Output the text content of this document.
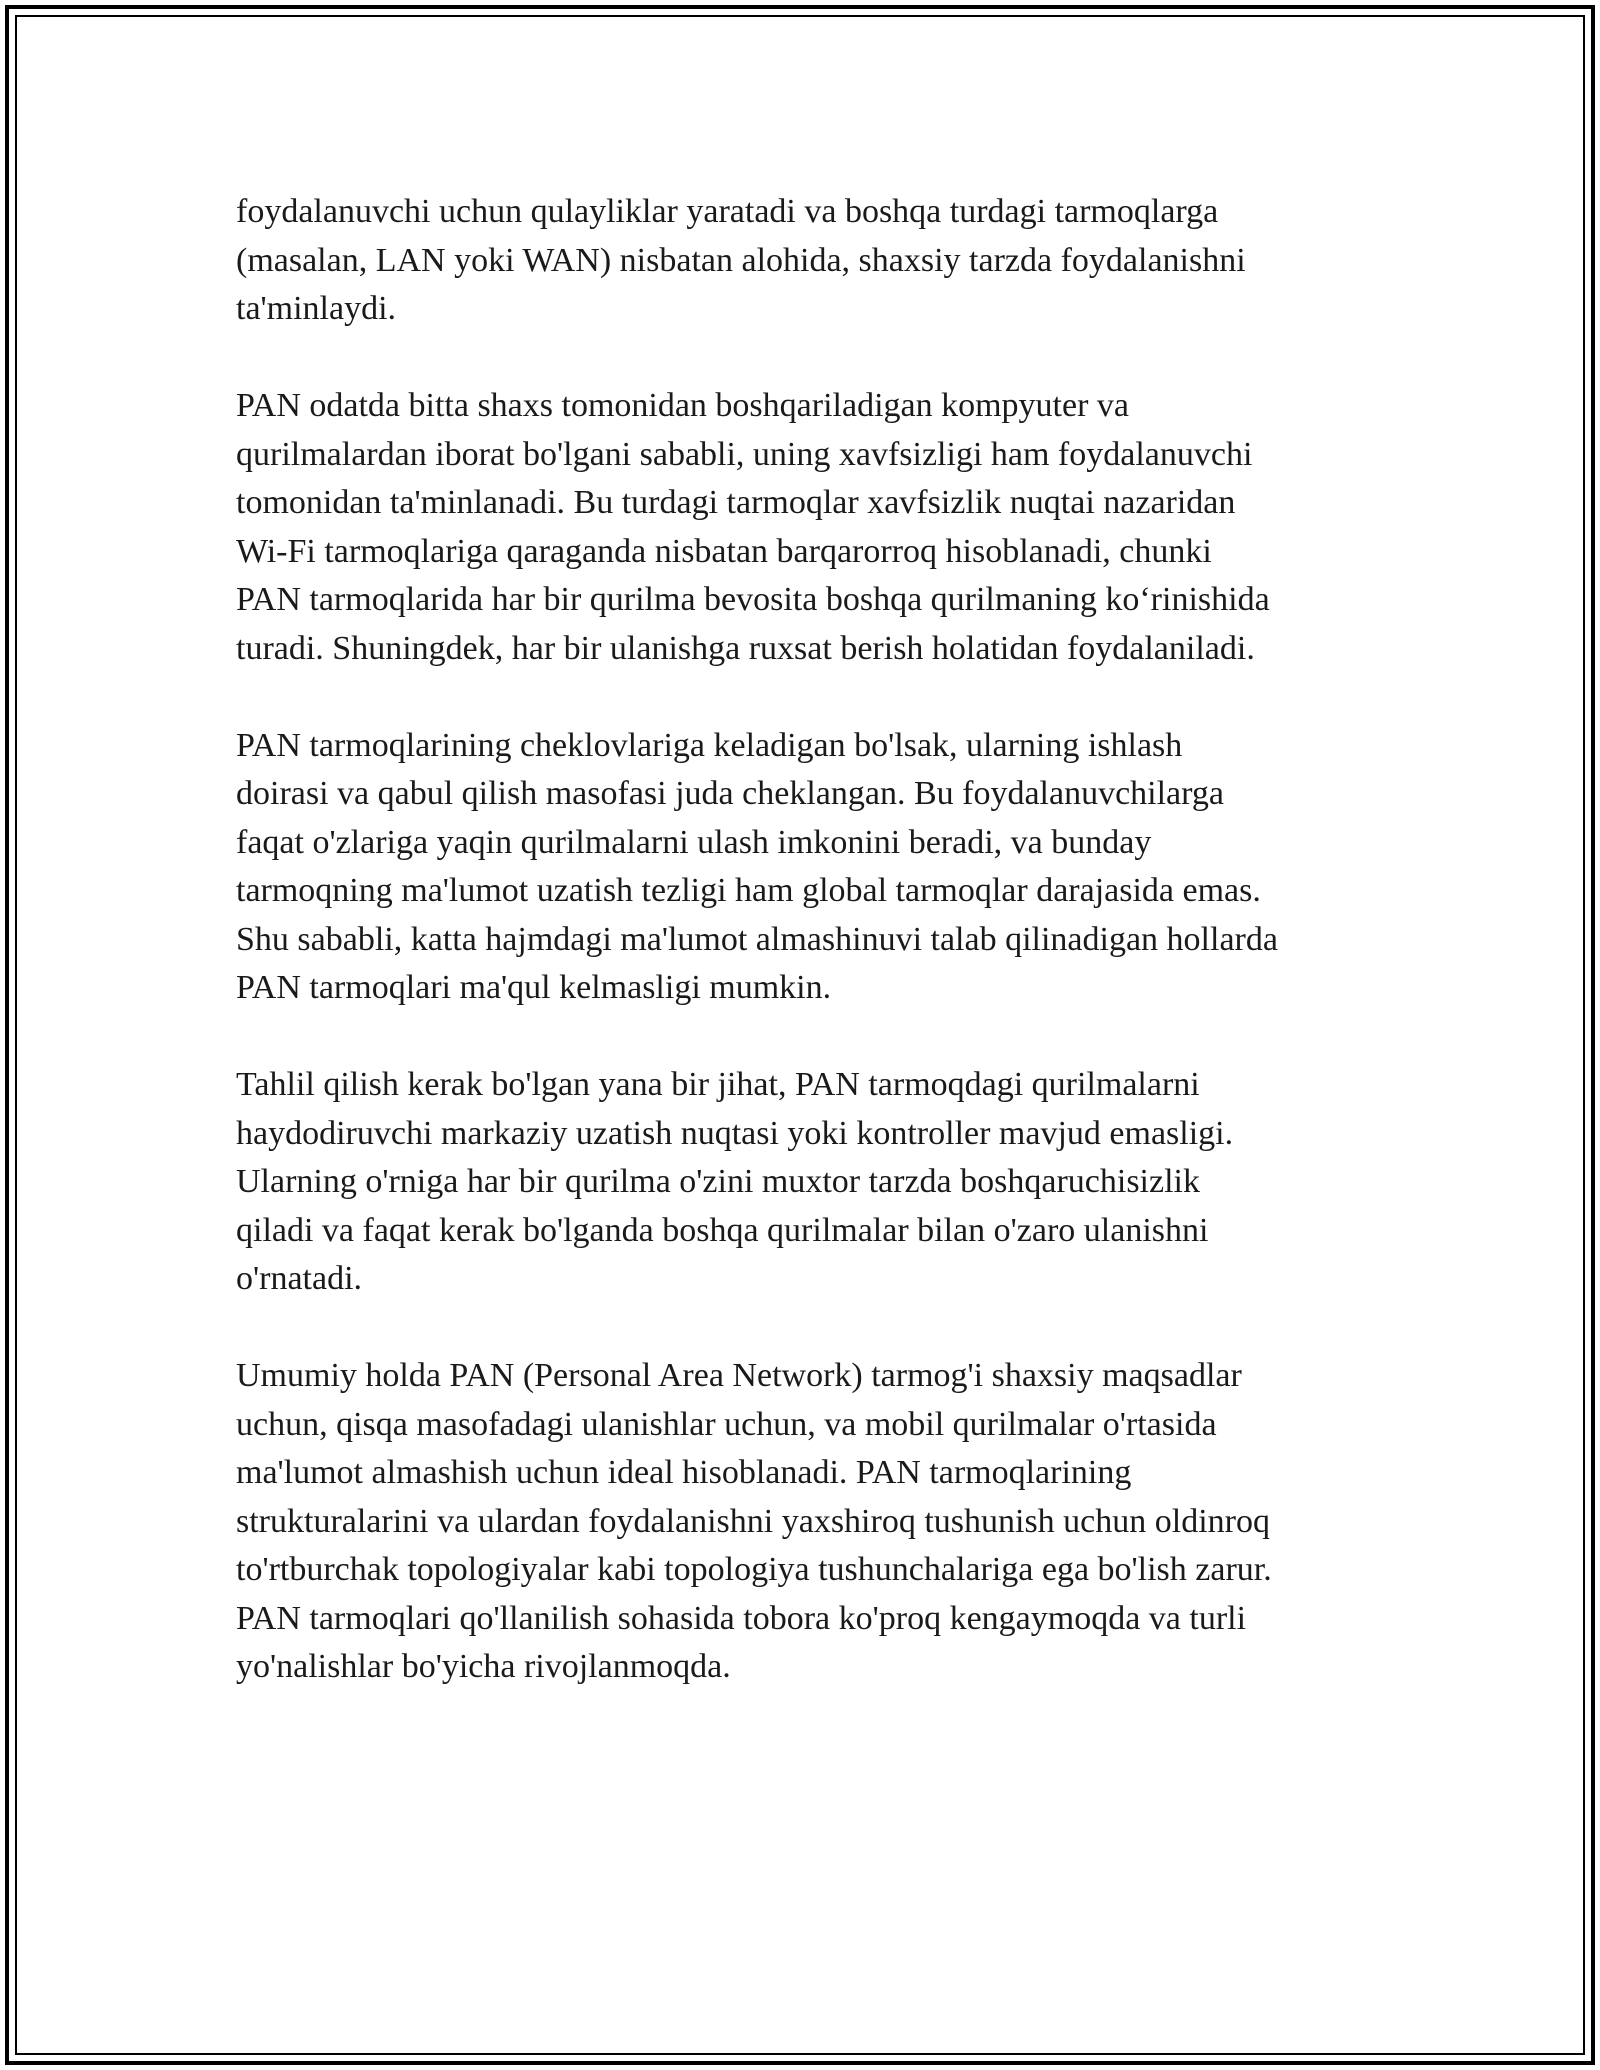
foydalanuvchi uchun qulayliklar yaratadi va boshqa turdagi tarmoqlarga
(masalan, LAN yoki WAN) nisbatan alohida, shaxsiy tarzda foydalanishni
ta'minlaydi.

PAN odatda bitta shaxs tomonidan boshqariladigan kompyuter va
qurilmalardan iborat bo'lgani sababli, uning xavfsizligi ham foydalanuvchi
tomonidan ta'minlanadi. Bu turdagi tarmoqlar xavfsizlik nuqtai nazaridan
Wi-Fi tarmoqlariga qaraganda nisbatan barqarorroq hisoblanadi, chunki
PAN tarmoqlarida har bir qurilma bevosita boshqa qurilmaning ko‘rinishida
turadi. Shuningdek, har bir ulanishga ruxsat berish holatidan foydalaniladi.

PAN tarmoqlarining cheklovlariga keladigan bo'lsak, ularning ishlash
doirasi va qabul qilish masofasi juda cheklangan. Bu foydalanuvchilarga
faqat o'zlariga yaqin qurilmalarni ulash imkonini beradi, va bunday
tarmoqning ma'lumot uzatish tezligi ham global tarmoqlar darajasida emas.
Shu sababli, katta hajmdagi ma'lumot almashinuvi talab qilinadigan hollarda
PAN tarmoqlari ma'qul kelmasligi mumkin.

Tahlil qilish kerak bo'lgan yana bir jihat, PAN tarmoqdagi qurilmalarni
haydodiruvchi markaziy uzatish nuqtasi yoki kontroller mavjud emasligi.
Ularning o'rniga har bir qurilma o'zini muxtor tarzda boshqaruchisizlik
qiladi va faqat kerak bo'lganda boshqa qurilmalar bilan o'zaro ulanishni
o'rnatadi.

Umumiy holda PAN (Personal Area Network) tarmog'i shaxsiy maqsadlar
uchun, qisqa masofadagi ulanishlar uchun, va mobil qurilmalar o'rtasida
ma'lumot almashish uchun ideal hisoblanadi. PAN tarmoqlarining
strukturalarini va ulardan foydalanishni yaxshiroq tushunish uchun oldinroq
to'rtburchak topologiyalar kabi topologiya tushunchalariga ega bo'lish zarur.
PAN tarmoqlari qo'llanilish sohasida tobora ko'proq kengaymoqda va turli
yo'nalishlar bo'yicha rivojlanmoqda.
